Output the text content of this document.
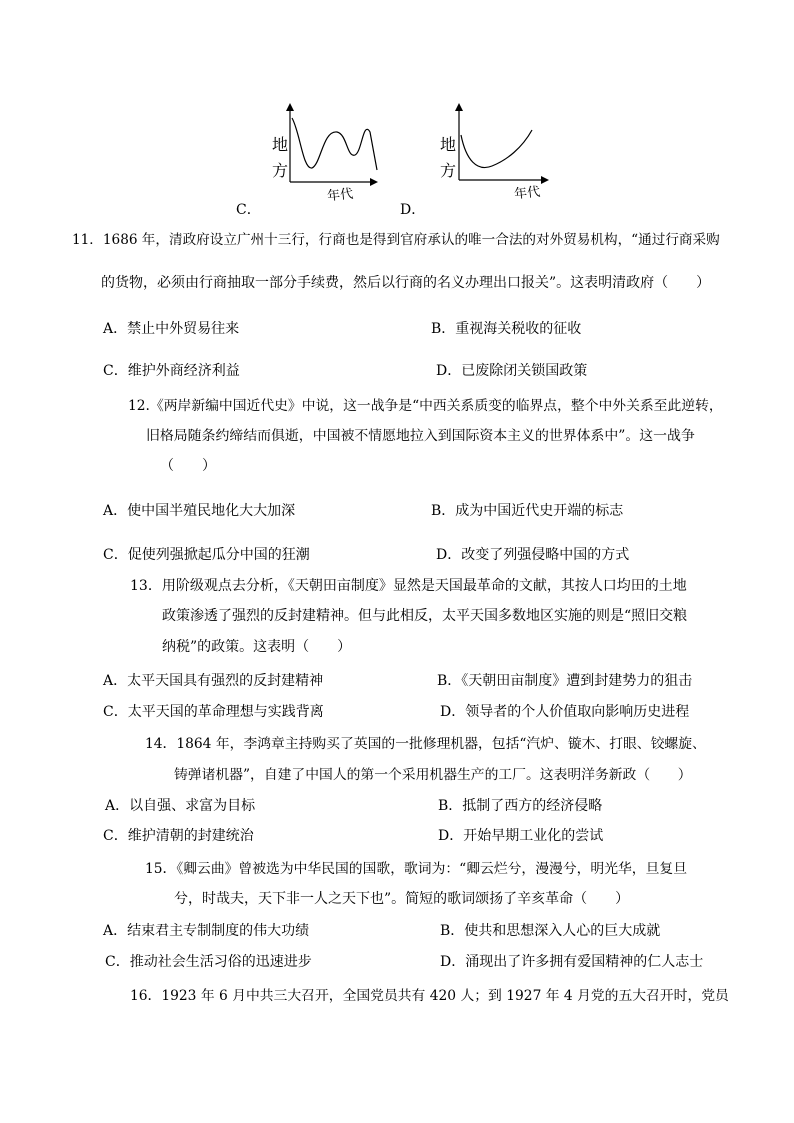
地
方
年代
C．
地
方
年代
D．
11．1686 年，清政府设立广州十三行，行商也是得到官府承认的唯一合法的对外贸易机构，“通过行商采购
的货物，必须由行商抽取一部分手续费，然后以行商的名义办理出口报关”。这表明清政府（　　）
A．禁止中外贸易往来	B．重视海关税收的征收
C．维护外商经济利益	D．已废除闭关锁国政策
12.《两岸新编中国近代史》中说，这一战争是“中西关系质变的临界点，整个中外关系至此逆转，
旧格局随条约缔结而俱逝，中国被不情愿地拉入到国际资本主义的世界体系中”。这一战争
（　　）
A．使中国半殖民地化大大加深	B．成为中国近代史开端的标志
C．促使列强掀起瓜分中国的狂潮	D．改变了列强侵略中国的方式
13．用阶级观点去分析，《天朝田亩制度》显然是天国最革命的文献，其按人口均田的土地
政策渗透了强烈的反封建精神。但与此相反，太平天国多数地区实施的则是“照旧交粮
纳税”的政策。这表明（　　）
A．太平天国具有强烈的反封建精神	B．《天朝田亩制度》遭到封建势力的狙击
C．太平天国的革命理想与实践背离	D．领导者的个人价值取向影响历史进程
14．1864 年，李鸿章主持购买了英国的一批修理机器，包括“汽炉、镟木、打眼、铰螺旋、
铸弹诸机器”，自建了中国人的第一个采用机器生产的工厂。这表明洋务新政（　　）
A．以自强、求富为目标	B．抵制了西方的经济侵略
C．维护清朝的封建统治	D．开始早期工业化的尝试
15．《卿云曲》曾被选为中华民国的国歌，歌词为：“卿云烂兮，漫漫兮，明光华，旦复旦
兮，时哉夫，天下非一人之天下也”。简短的歌词颂扬了辛亥革命（　　）
A．结束君主专制制度的伟大功绩	B．使共和思想深入人心的巨大成就
C．推动社会生活习俗的迅速进步	D．涌现出了许多拥有爱国精神的仁人志士
16．1923 年 6 月中共三大召开，全国党员共有 420 人；到 1927 年 4 月党的五大召开时，党员
